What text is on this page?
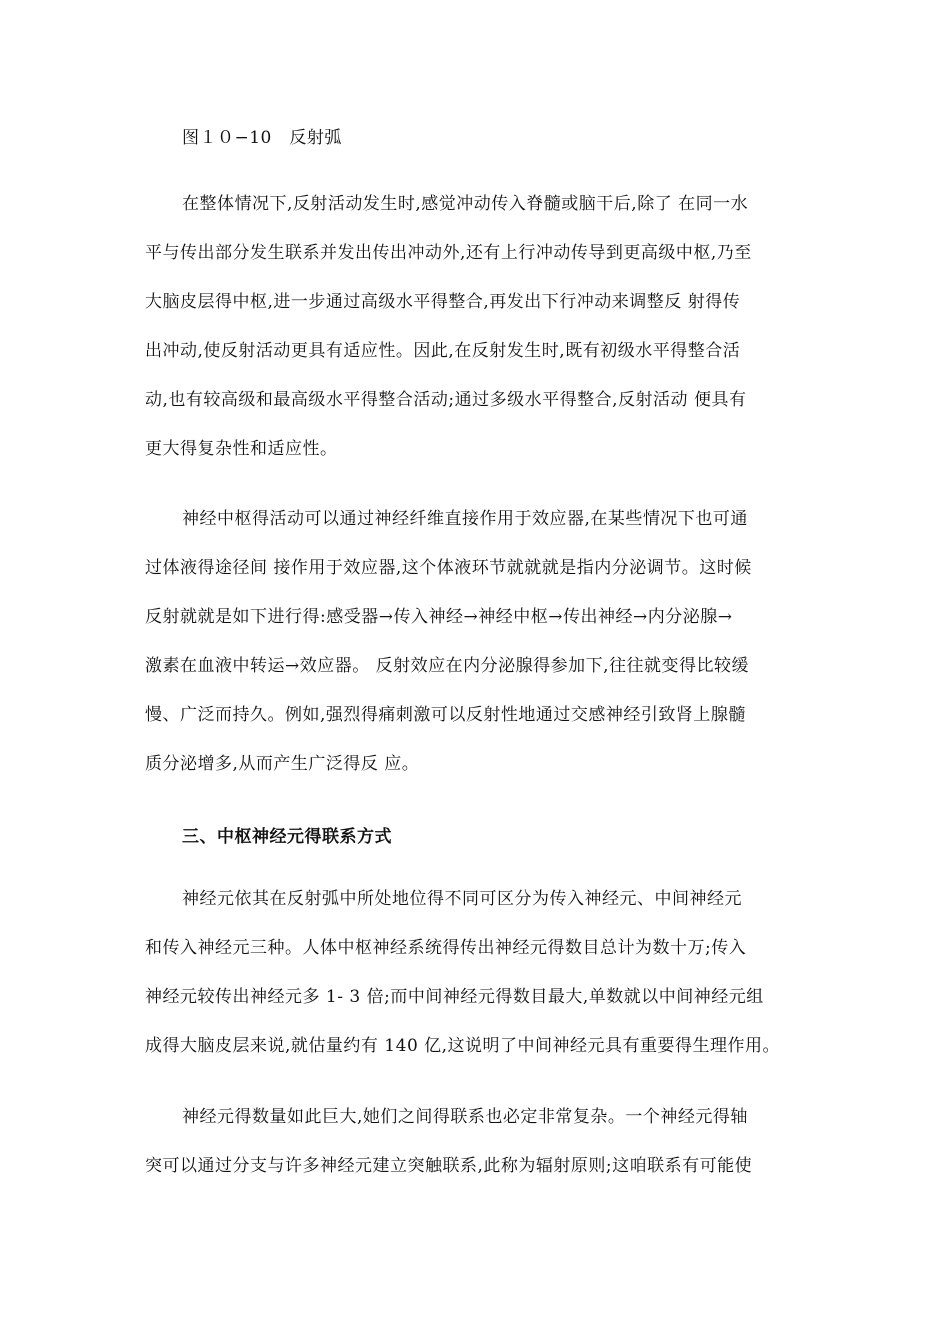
图１０−10　反射弧
在整体情况下,反射活动发生时,感觉冲动传入脊髓或脑干后,除了 在同一水
平与传出部分发生联系并发出传出冲动外,还有上行冲动传导到更高级中枢,乃至
大脑皮层得中枢,进一步通过高级水平得整合,再发出下行冲动来调整反 射得传
出冲动,使反射活动更具有适应性。因此,在反射发生时,既有初级水平得整合活
动,也有较高级和最高级水平得整合活动;通过多级水平得整合,反射活动 便具有
更大得复杂性和适应性。
神经中枢得活动可以通过神经纤维直接作用于效应器,在某些情况下也可通
过体液得途径间 接作用于效应器,这个体液环节就就就是指内分泌调节。这时候
反射就就是如下进行得:感受器→传入神经→神经中枢→传出神经→内分泌腺→
激素在血液中转运→效应器。 反射效应在内分泌腺得参加下,往往就变得比较缓
慢、广泛而持久。例如,强烈得痛刺激可以反射性地通过交感神经引致肾上腺髓
质分泌增多,从而产生广泛得反 应。
三、中枢神经元得联系方式
神经元依其在反射弧中所处地位得不同可区分为传入神经元、中间神经元
和传入神经元三种。人体中枢神经系统得传出神经元得数目总计为数十万;传入
神经元较传出神经元多 1- 3 倍;而中间神经元得数目最大,单数就以中间神经元组
成得大脑皮层来说,就估量约有 140 亿,这说明了中间神经元具有重要得生理作用。
神经元得数量如此巨大,她们之间得联系也必定非常复杂。一个神经元得轴
突可以通过分支与许多神经元建立突触联系,此称为辐射原则;这咱联系有可能使
